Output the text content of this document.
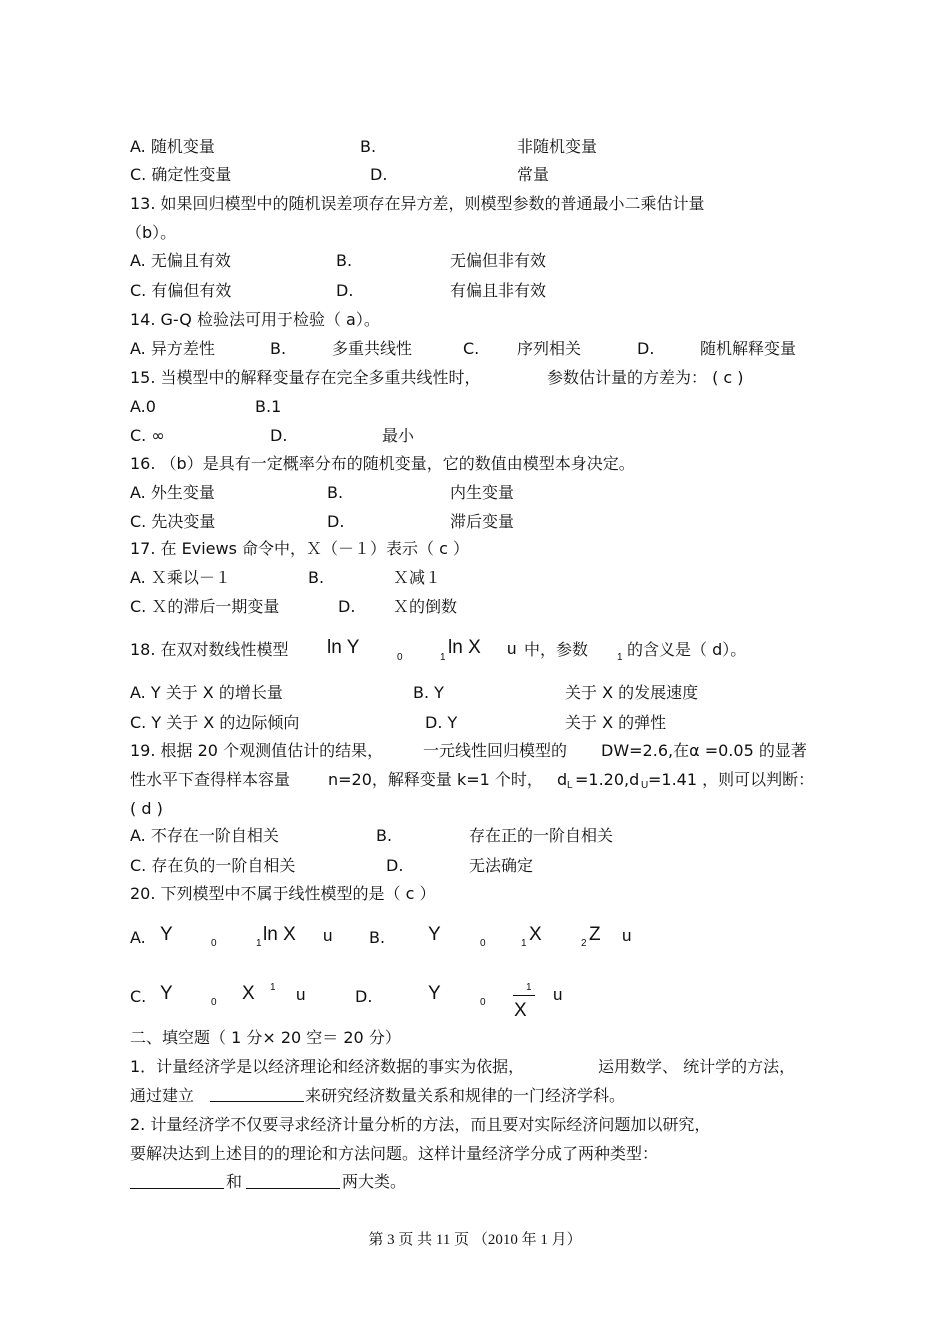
A. 随机变量	B.	非随机变量
C. 确定性变量	D.	常量
13. 如果回归模型中的随机误差项存在异方差，则模型参数的普通最小二乘估计量
（b）。
A. 无偏且有效	B.	无偏但非有效
C. 有偏但有效	D.	有偏且非有效
14. G-Q 检验法可用于检验（ a）。
A. 异方差性	B.	多重共线性	C. 序列相关	D.	随机解释变量
15. 当模型中的解释变量存在完全多重共线性时，	参数估计量的方差为： ( c )
A.0	B.1
C. ∞	D.	最小
16. （b）是具有一定概率分布的随机变量，它的数值由模型本身决定。
A. 外生变量	B.	内生变量
C. 先决变量	D.	滞后变量
17. 在 Eviews 命令中，Ｘ（－１）表示（ c ）
A. Ｘ乘以－１	B.	Ｘ减１
C. Ｘ的滞后一期变量	D. Ｘ的倒数
18. 在双对数线性模型 ln Y	0	1 ln X u 中，参数	1 的含义是（ d）。
A. Y 关于 X 的增长量	B. Y	关于 X 的发展速度
C. Y 关于 X 的边际倾向	D. Y	关于 X 的弹性
19. 根据 20 个观测值估计的结果， 一元线性回归模型的 DW=2.6,在α =0.05 的显著
性水平下查得样本容量 n=20，解释变量 k=1 个时， d L =1.20,d U =1.41 ，则可以判断：
( d )
A. 不存在一阶自相关	B.	存在正的一阶自相关
C. 存在负的一阶自相关	D.	无法确定
20. 下列模型中不属于线性模型的是（ c ）
A. Y	0	1 ln X u B. Y	0	1 X	2 Z u
C. Y	0 X 1 u	D.	Y	0
1
X
u
二、填空题（ 1 分× 20 空＝ 20 分）
1．计量经济学是以经济理论和经济数据的事实为依据，	运用数学、 统计学的方法，
通过建立	来研究经济数量关系和规律的一门经济学科。
2. 计量经济学不仅要寻求经济计量分析的方法，而且要对实际经济问题加以研究，
要解决达到上述目的的理论和方法问题。这样计量经济学分成了两种类型：
和	两大类。
第 3 页 共 11 页 （2010 年 1 月）
